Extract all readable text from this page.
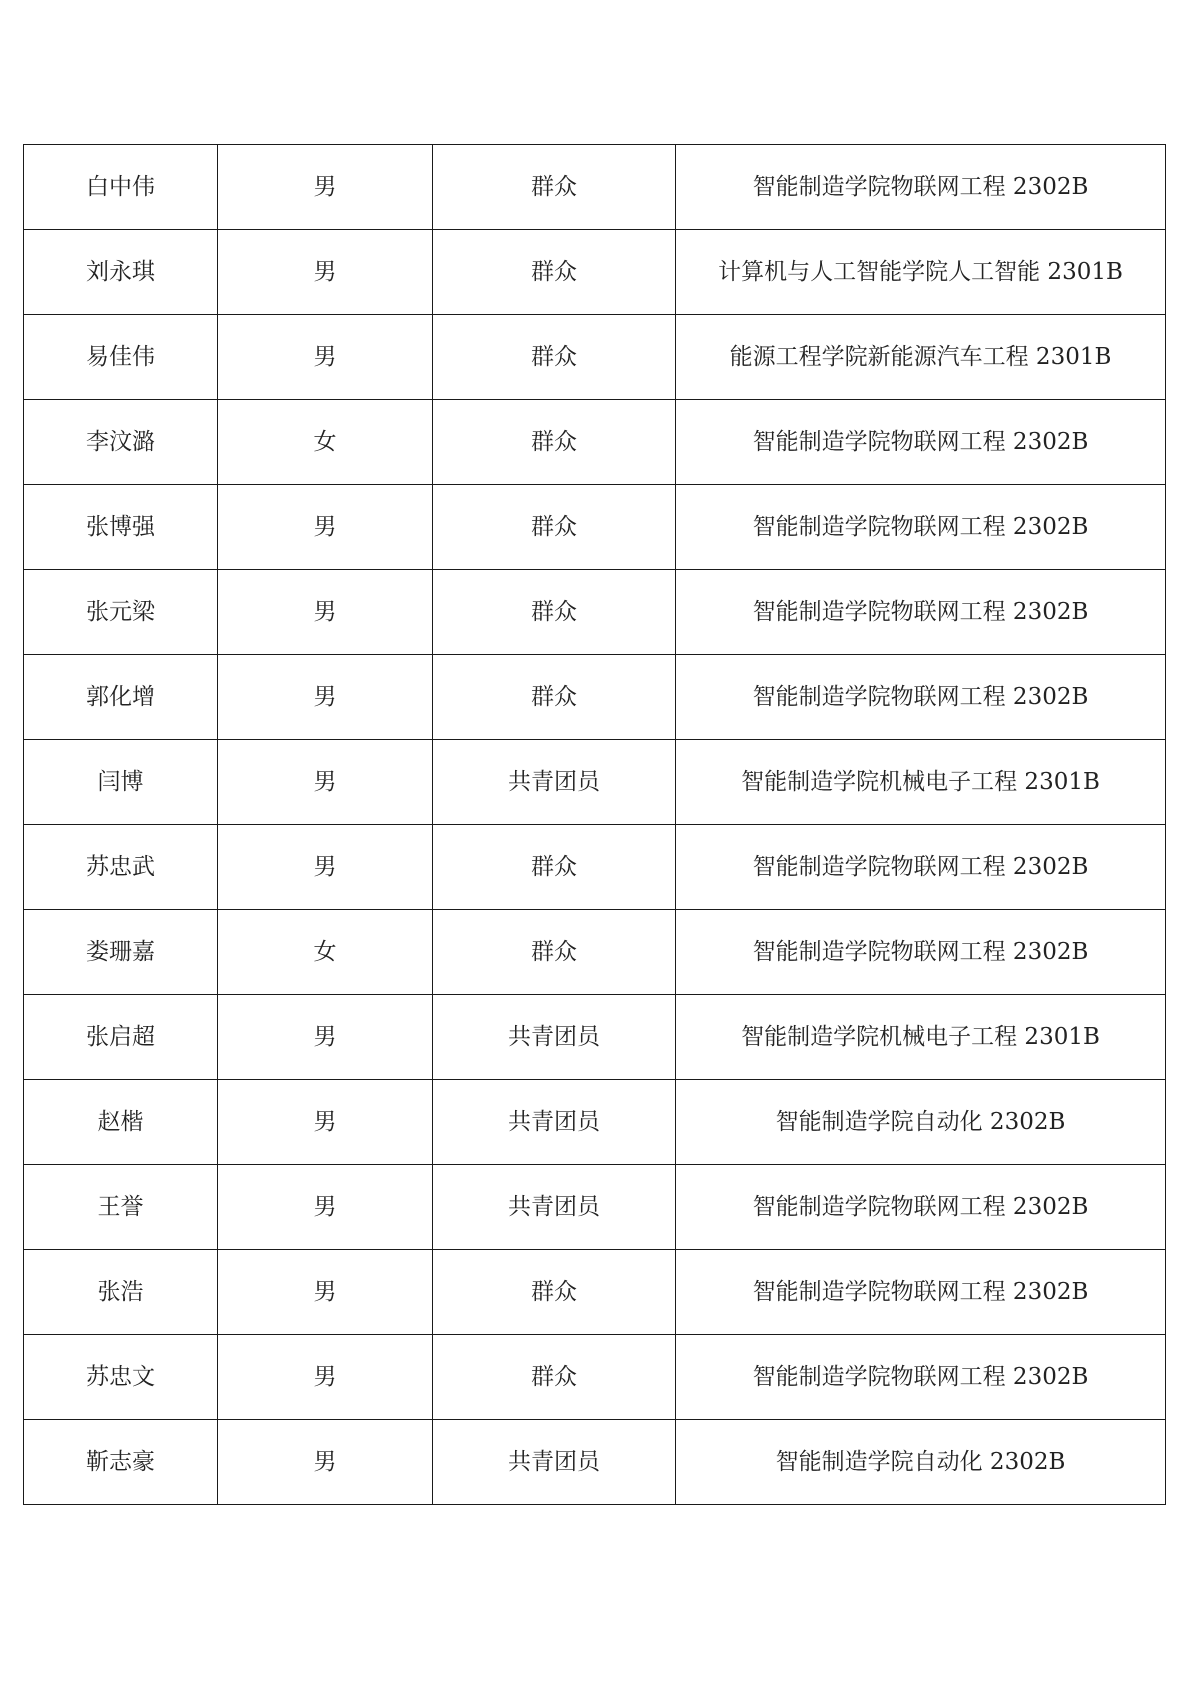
白中伟	男	群众	智能制造学院物联网工程 2302B
刘永琪	男	群众	计算机与人工智能学院人工智能 2301B
易佳伟	男	群众	能源工程学院新能源汽车工程 2301B
李汶潞	女	群众	智能制造学院物联网工程 2302B
张博强	男	群众	智能制造学院物联网工程 2302B
张元梁	男	群众	智能制造学院物联网工程 2302B
郭化增	男	群众	智能制造学院物联网工程 2302B
闫博	男	共青团员	智能制造学院机械电子工程 2301B
苏忠武	男	群众	智能制造学院物联网工程 2302B
娄珊嘉	女	群众	智能制造学院物联网工程 2302B
张启超	男	共青团员	智能制造学院机械电子工程 2301B
赵楷	男	共青团员	智能制造学院自动化 2302B
王誉	男	共青团员	智能制造学院物联网工程 2302B
张浩	男	群众	智能制造学院物联网工程 2302B
苏忠文	男	群众	智能制造学院物联网工程 2302B
靳志豪	男	共青团员	智能制造学院自动化 2302B
